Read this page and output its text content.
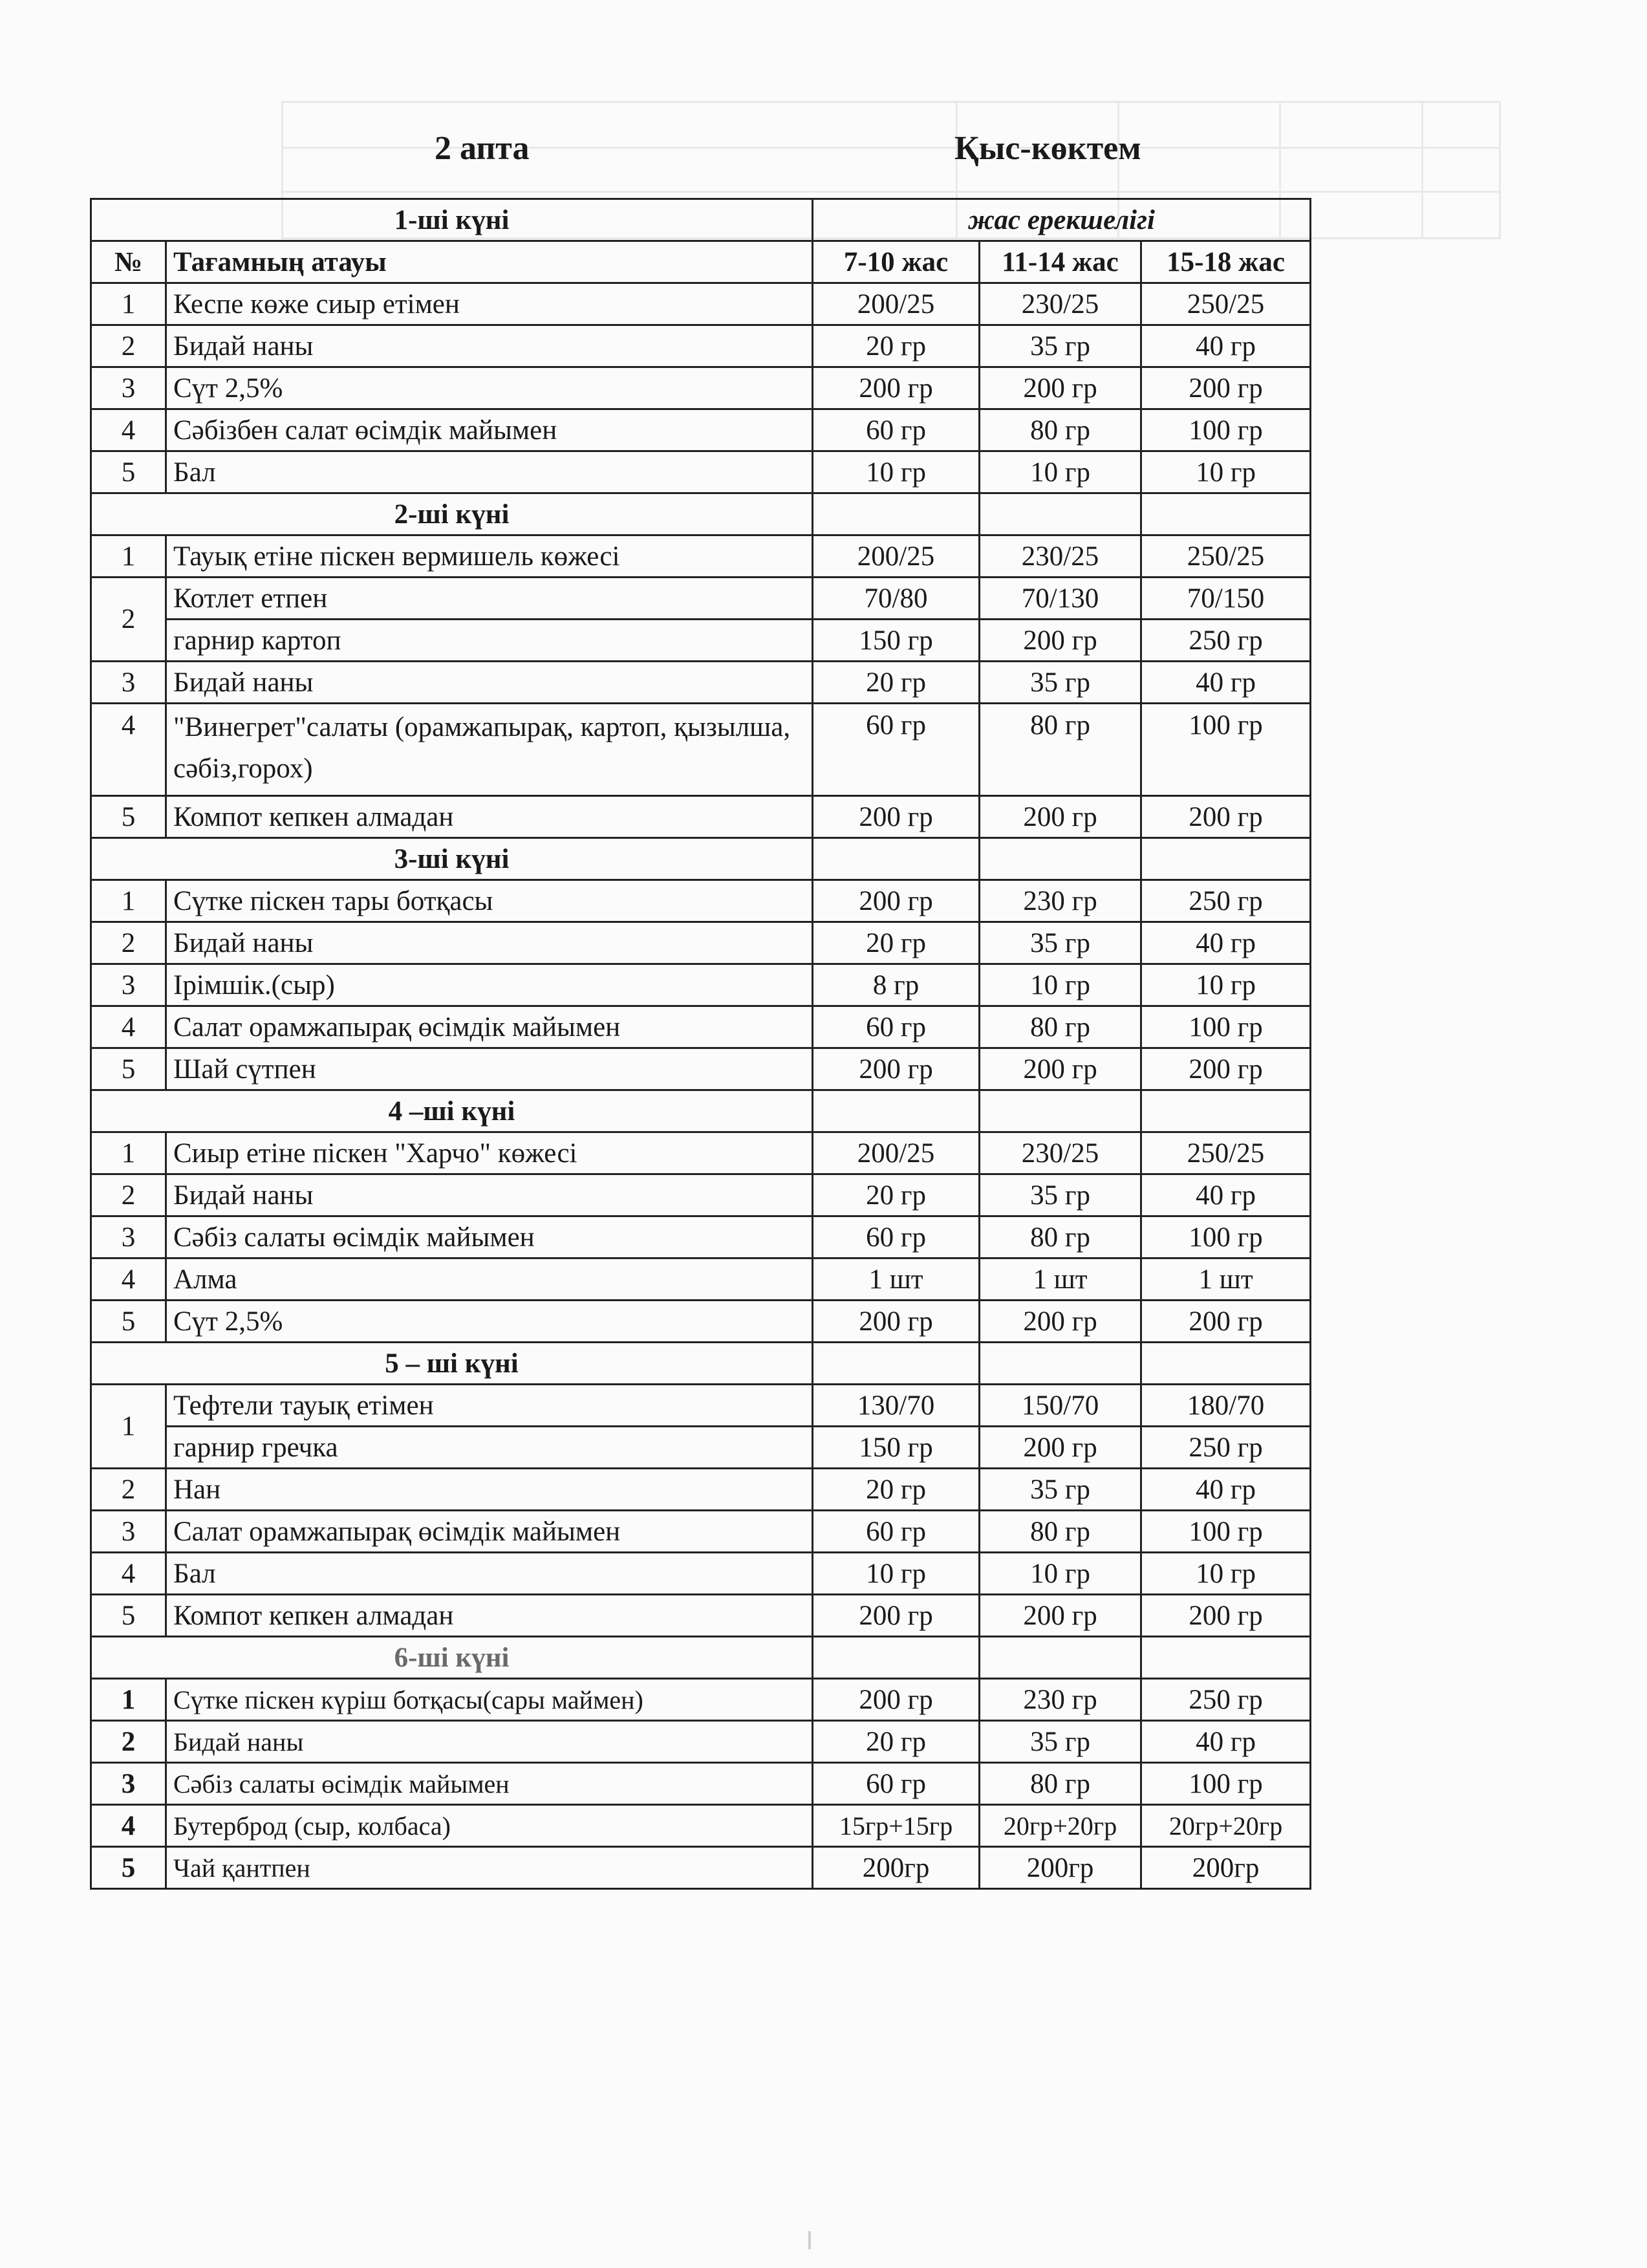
2 апта	Қыс-көктем
1-ші күні		жас ерекшелігі		
№	Тағамның атауы	7-10 жас	11-14 жас	15-18 жас
1	Кеспе көже сиыр етімен	200/25	230/25	250/25
2	Бидай наны	20 гр	35 гр	40 гр
3	Сүт 2,5%	200 гр	200 гр	200 гр
4	Сәбізбен салат өсімдік майымен	60 гр	80 гр	100 гр
5	Бал	10 гр	10 гр	10 гр
2-ші күні				
1	Тауық етіне піскен вермишель көжесі	200/25	230/25	250/25
2	Котлет етпен	70/80	70/130	70/150
	гарнир картоп	150 гр	200 гр	250 гр
3	Бидай наны	20 гр	35 гр	40 гр
4	"Винегрет"салаты (орамжапырақ, картоп, қызылша, сәбіз,горох)	60 гр	80 гр	100 гр
5	Компот кепкен алмадан	200 гр	200 гр	200 гр
3-ші күні				
1	Сүтке піскен тары ботқасы	200 гр	230 гр	250 гр
2	Бидай наны	20 гр	35 гр	40 гр
3	Ірімшік.(сыр)	8 гр	10 гр	10 гр
4	Салат орамжапырақ өсімдік майымен	60 гр	80 гр	100 гр
5	Шай сүтпен	200 гр	200 гр	200 гр
4 –ші күні				
1	Сиыр етіне піскен "Харчо" көжесі	200/25	230/25	250/25
2	Бидай наны	20 гр	35 гр	40 гр
3	Сәбіз салаты өсімдік майымен	60 гр	80 гр	100 гр
4	Алма	1 шт	1 шт	1 шт
5	Сүт 2,5%	200 гр	200 гр	200 гр
5 – ші күні				
1	Тефтели тауық етімен	130/70	150/70	180/70
	гарнир гречка	150 гр	200 гр	250 гр
2	Нан	20 гр	35 гр	40 гр
3	Салат орамжапырақ өсімдік майымен	60 гр	80 гр	100 гр
4	Бал	10 гр	10 гр	10 гр
5	Компот кепкен алмадан	200 гр	200 гр	200 гр
6-ші күні				
1	Сүтке піскен күріш ботқасы(сары маймен)	200 гр	230 гр	250 гр
2	Бидай наны	20 гр	35 гр	40 гр
3	Сәбіз салаты өсімдік майымен	60 гр	80 гр	100 гр
4	Бутерброд (сыр, колбаса)	15гр+15гр	20гр+20гр	20гр+20гр
5	Чай қантпен	200гр	200гр	200гр
